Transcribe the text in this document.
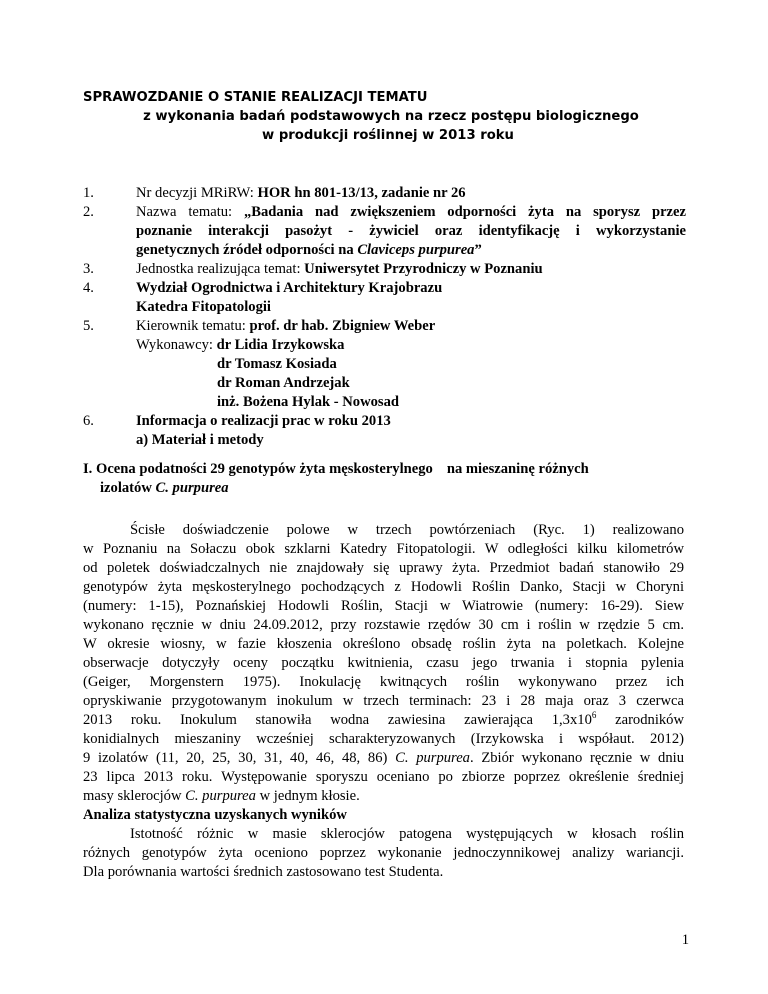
SPRAWOZDANIE O STANIE REALIZACJI TEMATU
z wykonania badań podstawowych na rzecz postępu biologicznego
w produkcji roślinnej w 2013 roku
1.	Nr decyzji MRiRW: HOR hn 801-13/13, zadanie nr 26
2.	Nazwa tematu: „Badania nad zwiększeniem odporności żyta na sporysz przez
poznanie interakcji pasożyt - żywiciel oraz identyfikację i wykorzystanie
genetycznych źródeł odporności na Claviceps purpurea”
3.	Jednostka realizująca temat: Uniwersytet Przyrodniczy w Poznaniu
4.	Wydział Ogrodnictwa i Architektury Krajobrazu
Katedra Fitopatologii
5.	Kierownik tematu: prof. dr hab. Zbigniew Weber
Wykonawcy: dr Lidia Irzykowska
dr Tomasz Kosiada
dr Roman Andrzejak
inż. Bożena Hylak - Nowosad
6.	Informacja o realizacji prac w roku 2013
a) Materiał i metody
I. Ocena podatności 29 genotypów żyta męskosterylnego na mieszaninę różnych
izolatów C. purpurea
Ścisłe doświadczenie polowe w trzech powtórzeniach (Ryc. 1) realizowano
w Poznaniu na Sołaczu obok szklarni Katedry Fitopatologii. W odległości kilku kilometrów
od poletek doświadczalnych nie znajdowały się uprawy żyta. Przedmiot badań stanowiło 29
genotypów żyta męskosterylnego pochodzących z Hodowli Roślin Danko, Stacji w Choryni
(numery: 1-15), Poznańskiej Hodowli Roślin, Stacji w Wiatrowie (numery: 16-29). Siew
wykonano ręcznie w dniu 24.09.2012, przy rozstawie rzędów 30 cm i roślin w rzędzie 5 cm.
W okresie wiosny, w fazie kłoszenia określono obsadę roślin żyta na poletkach. Kolejne
obserwacje dotyczyły oceny początku kwitnienia, czasu jego trwania i stopnia pylenia
(Geiger, Morgenstern 1975). Inokulację kwitnących roślin wykonywano przez ich
opryskiwanie przygotowanym inokulum w trzech terminach: 23 i 28 maja oraz 3 czerwca
2013 roku. Inokulum stanowiła wodna zawiesina zawierająca $1,3x10^6$ zarodników
konidialnych mieszaniny wcześniej scharakteryzowanych (Irzykowska i współaut. 2012)
9 izolatów (11, 20, 25, 30, 31, 40, 46, 48, 86) C. purpurea. Zbiór wykonano ręcznie w dniu
23 lipca 2013 roku. Występowanie sporyszu oceniano po zbiorze poprzez określenie średniej
masy sklerocjów C. purpurea w jednym kłosie.
Analiza statystyczna uzyskanych wyników
Istotność różnic w masie sklerocjów patogena występujących w kłosach roślin
różnych genotypów żyta oceniono poprzez wykonanie jednoczynnikowej analizy wariancji.
Dla porównania wartości średnich zastosowano test Studenta.
1
